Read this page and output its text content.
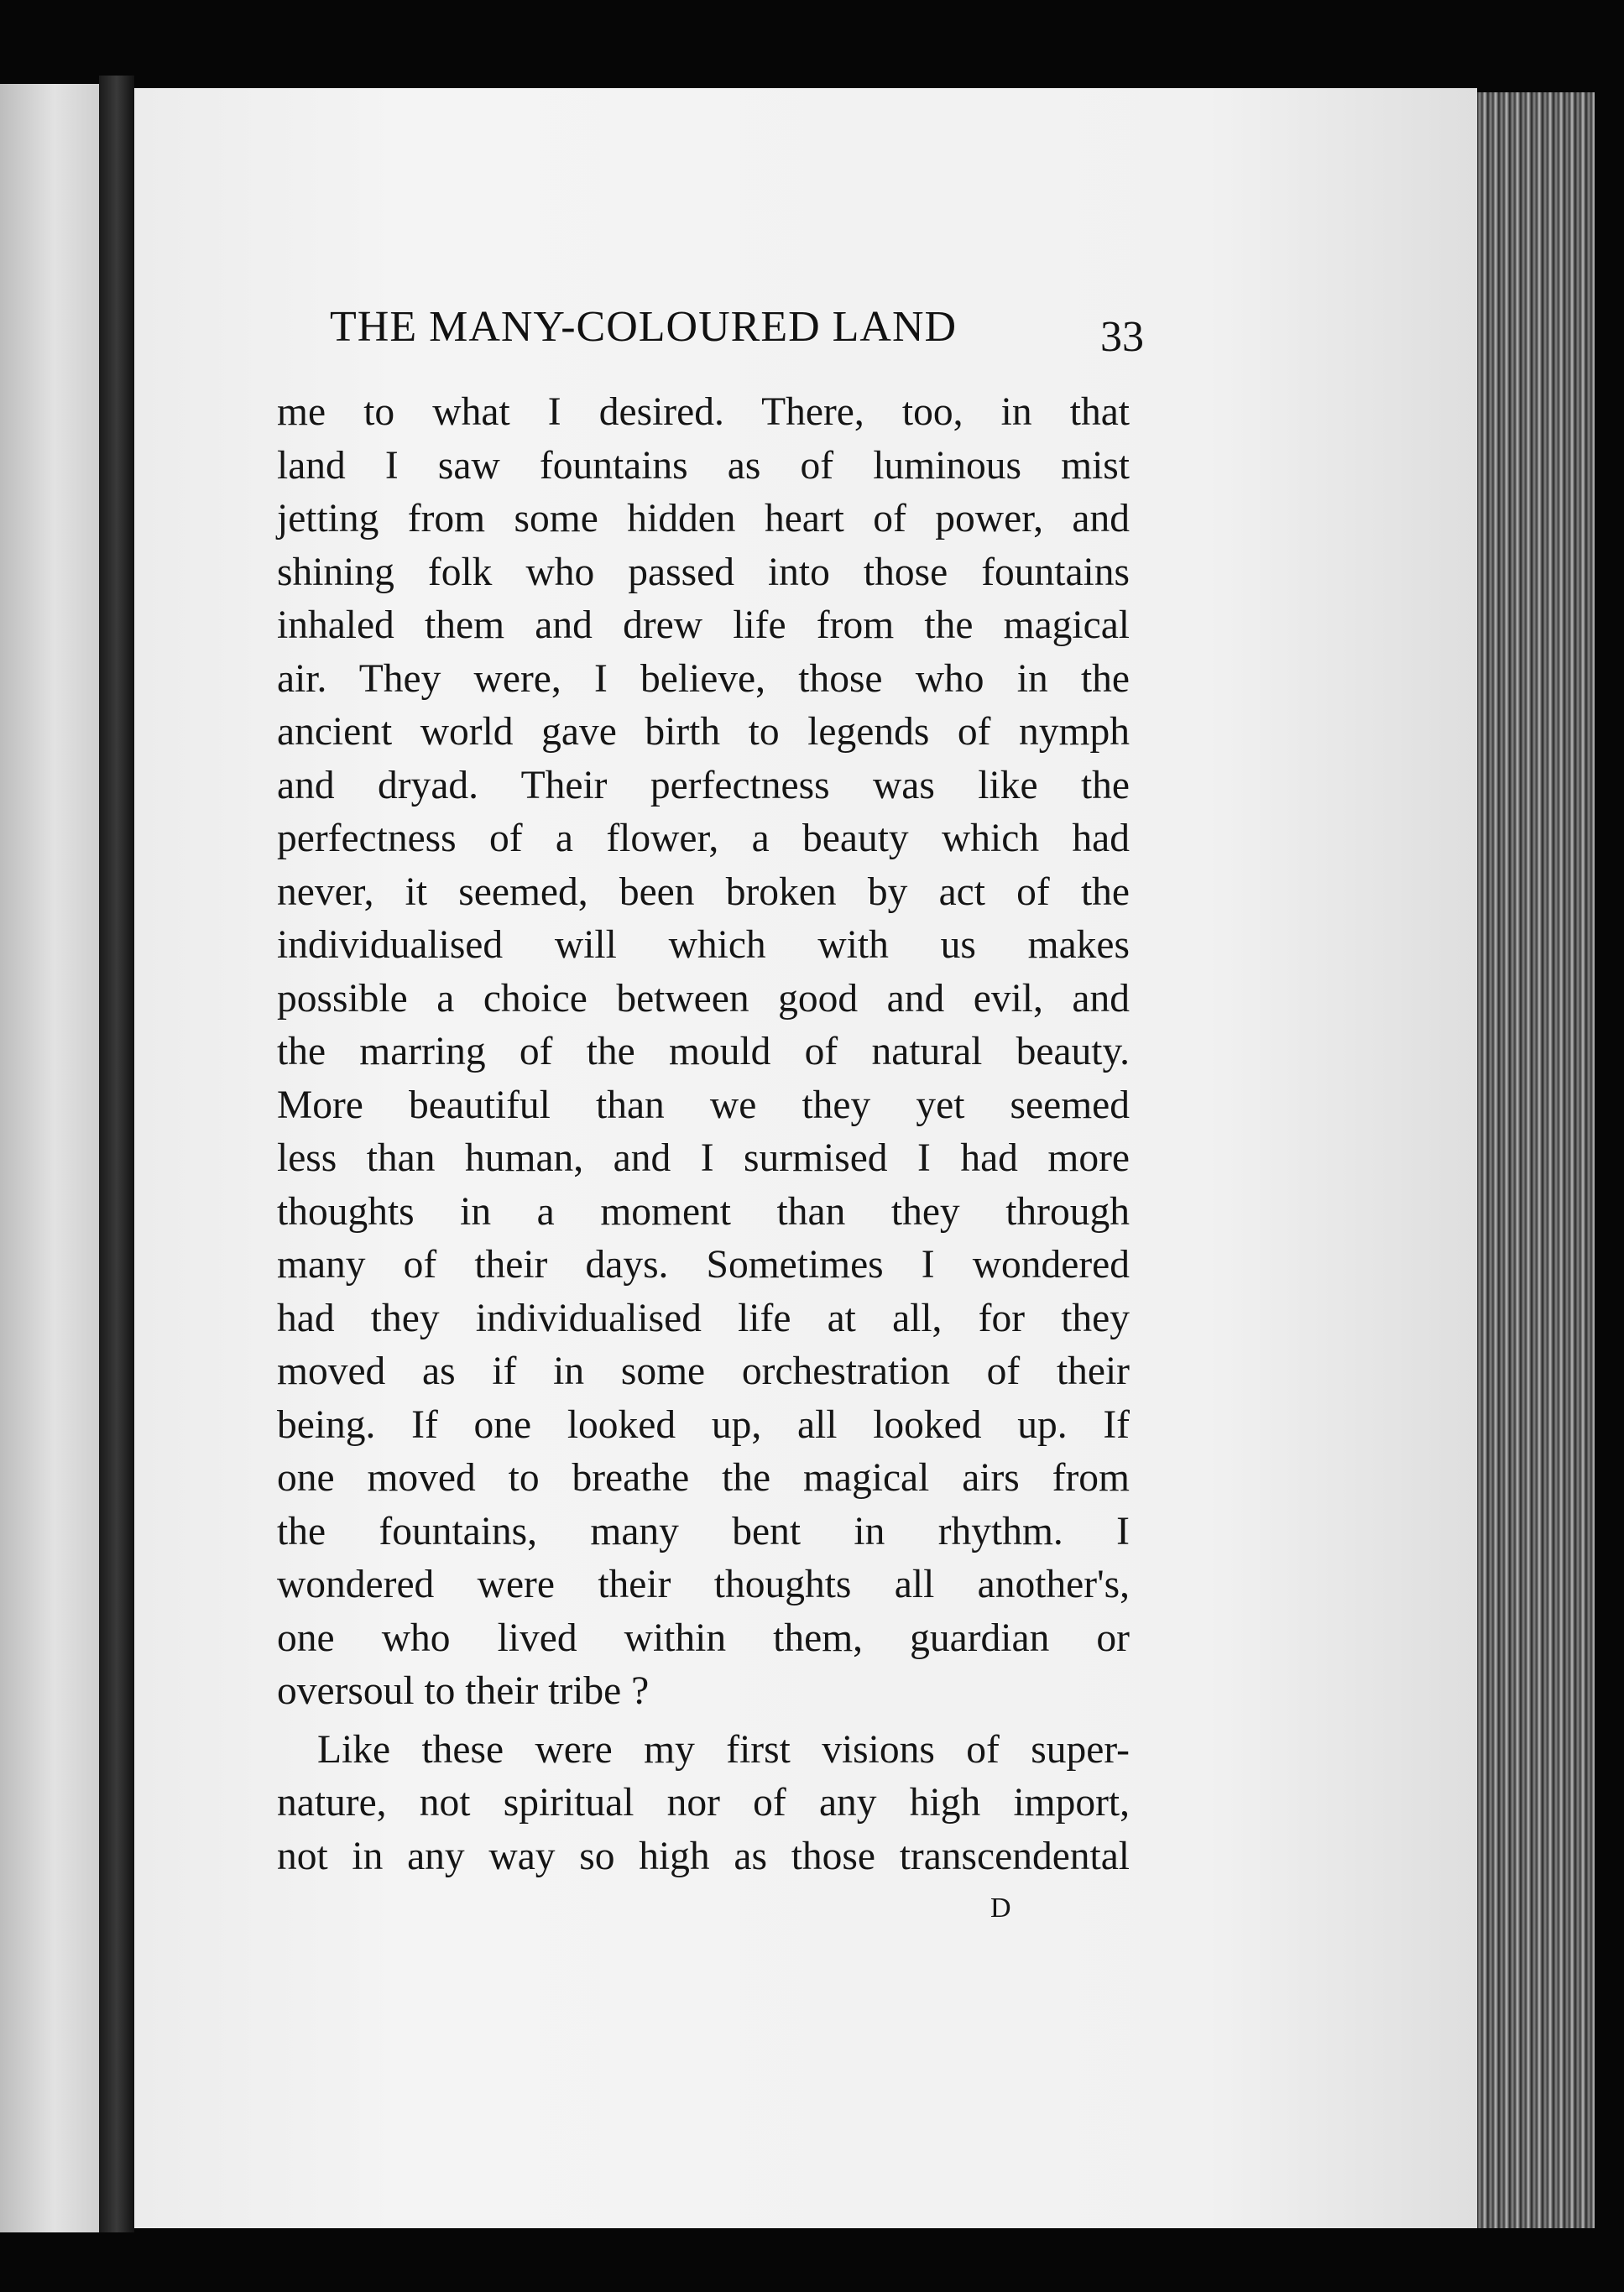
THE MANY-COLOURED LAND	33
me to what I desired. There, too, in that
land I saw fountains as of luminous mist
jetting from some hidden heart of power, and
shining folk who passed into those fountains
inhaled them and drew life from the magical
air. They were, I believe, those who in the
ancient world gave birth to legends of nymph
and dryad. Their perfectness was like the
perfectness of a flower, a beauty which had
never, it seemed, been broken by act of the
individualised will which with us makes
possible a choice between good and evil, and
the marring of the mould of natural beauty.
More beautiful than we they yet seemed
less than human, and I surmised I had more
thoughts in a moment than they through
many of their days. Sometimes I wondered
had they individualised life at all, for they
moved as if in some orchestration of their
being. If one looked up, all looked up. If
one moved to breathe the magical airs from
the fountains, many bent in rhythm. I
wondered were their thoughts all another's,
one who lived within them, guardian or
oversoul to their tribe ?
Like these were my first visions of super-
nature, not spiritual nor of any high import,
not in any way so high as those transcendental
D
